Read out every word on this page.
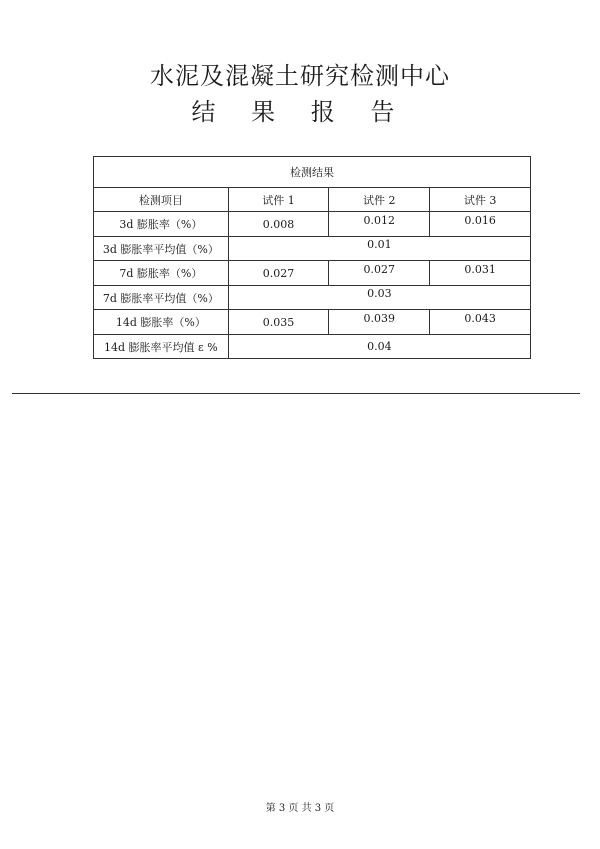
水泥及混凝土研究检测中心
结 果 报 告
检测结果			
检测项目	试件 1	试件 2	试件 3
3d 膨胀率（%）	0.008	0.012	0.016
3d 膨胀率平均值（%）	0.01		
7d 膨胀率（%）	0.027	0.027	0.031
7d 膨胀率平均值（%）	0.03		
14d 膨胀率（%）	0.035	0.039	0.043
14d 膨胀率平均值 ε %	0.04		
第 3 页 共 3 页
